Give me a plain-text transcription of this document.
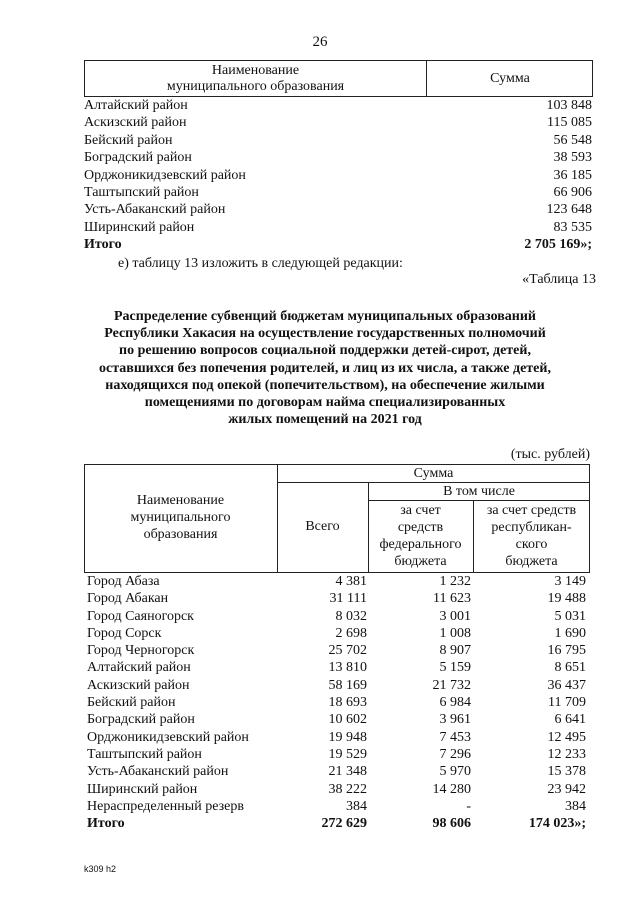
26
Наименование
муниципального образования
Сумма
Алтайский район	103 848
Аскизский район	115 085
Бейский район	56 548
Боградский район	38 593
Орджоникидзевский район	36 185
Таштыпский район	66 906
Усть-Абаканский район	123 648
Ширинский район	83 535
Итого	2 705 169»;
е) таблицу 13 изложить в следующей редакции:
«Таблица 13
Распределение субвенций бюджетам муниципальных образований
Республики Хакасия на осуществление государственных полномочий
по решению вопросов социальной поддержки детей-сирот, детей,
оставшихся без попечения родителей, и лиц из их числа, а также детей,
находящихся под опекой (попечительством), на обеспечение жилыми
помещениями по договорам найма специализированных
жилых помещений на 2021 год
(тыс. рублей)
Наименование
муниципального
образования
Сумма
В том числе
Всего
за счет
средств
федерального
бюджета
за счет средств
республикан-
ского
бюджета
Город Абаза	4 381	1 232	3 149
Город Абакан	31 111	11 623	19 488
Город Саяногорск	8 032	3 001	5 031
Город Сорск	2 698	1 008	1 690
Город Черногорск	25 702	8 907	16 795
Алтайский район	13 810	5 159	8 651
Аскизский район	58 169	21 732	36 437
Бейский район	18 693	6 984	11 709
Боградский район	10 602	3 961	6 641
Орджоникидзевский район	19 948	7 453	12 495
Таштыпский район	19 529	7 296	12 233
Усть-Абаканский район	21 348	5 970	15 378
Ширинский район	38 222	14 280	23 942
Нераспределенный резерв	384	-	384
Итого	272 629	98 606	174 023»;
k309 h2
